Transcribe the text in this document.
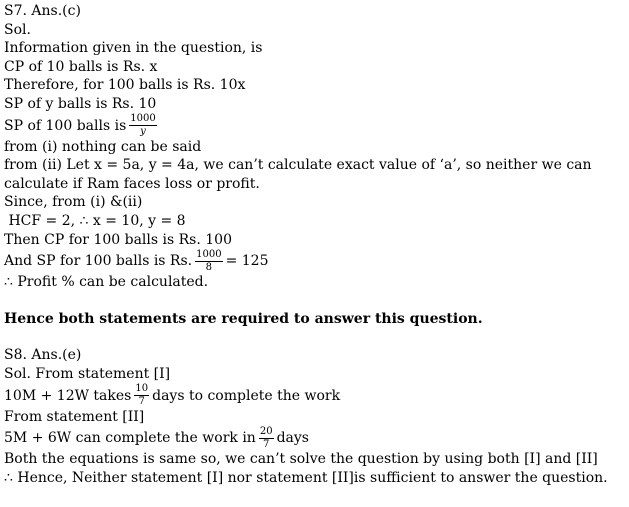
S7. Ans.(c)
Sol.
Information given in the question, is
CP of 10 balls is Rs. x
Therefore, for 100 balls is Rs. 10x
SP of y balls is Rs. 10
SP of 100 balls is $\frac{1000}{y}$
from (i) nothing can be said
from (ii) Let x = 5a, y = 4a, we can’t calculate exact value of ‘a’, so neither we can calculate if Ram faces loss or profit.
Since, from (i) &(ii)
HCF = 2, ∴ x = 10, y = 8
Then CP for 100 balls is Rs. 100
And SP for 100 balls is Rs. $\frac{1000}{8} = 125$
∴ Profit % can be calculated.
Hence both statements are required to answer this question.
S8. Ans.(e)
Sol. From statement [I]
10M + 12W takes $\frac{10}{7}$ days to complete the work
From statement [II]
5M + 6W can complete the work in $\frac{20}{7}$ days
Both the equations is same so, we can’t solve the question by using both [I] and [II]
∴ Hence, Neither statement [I] nor statement [II]is sufficient to answer the question.
